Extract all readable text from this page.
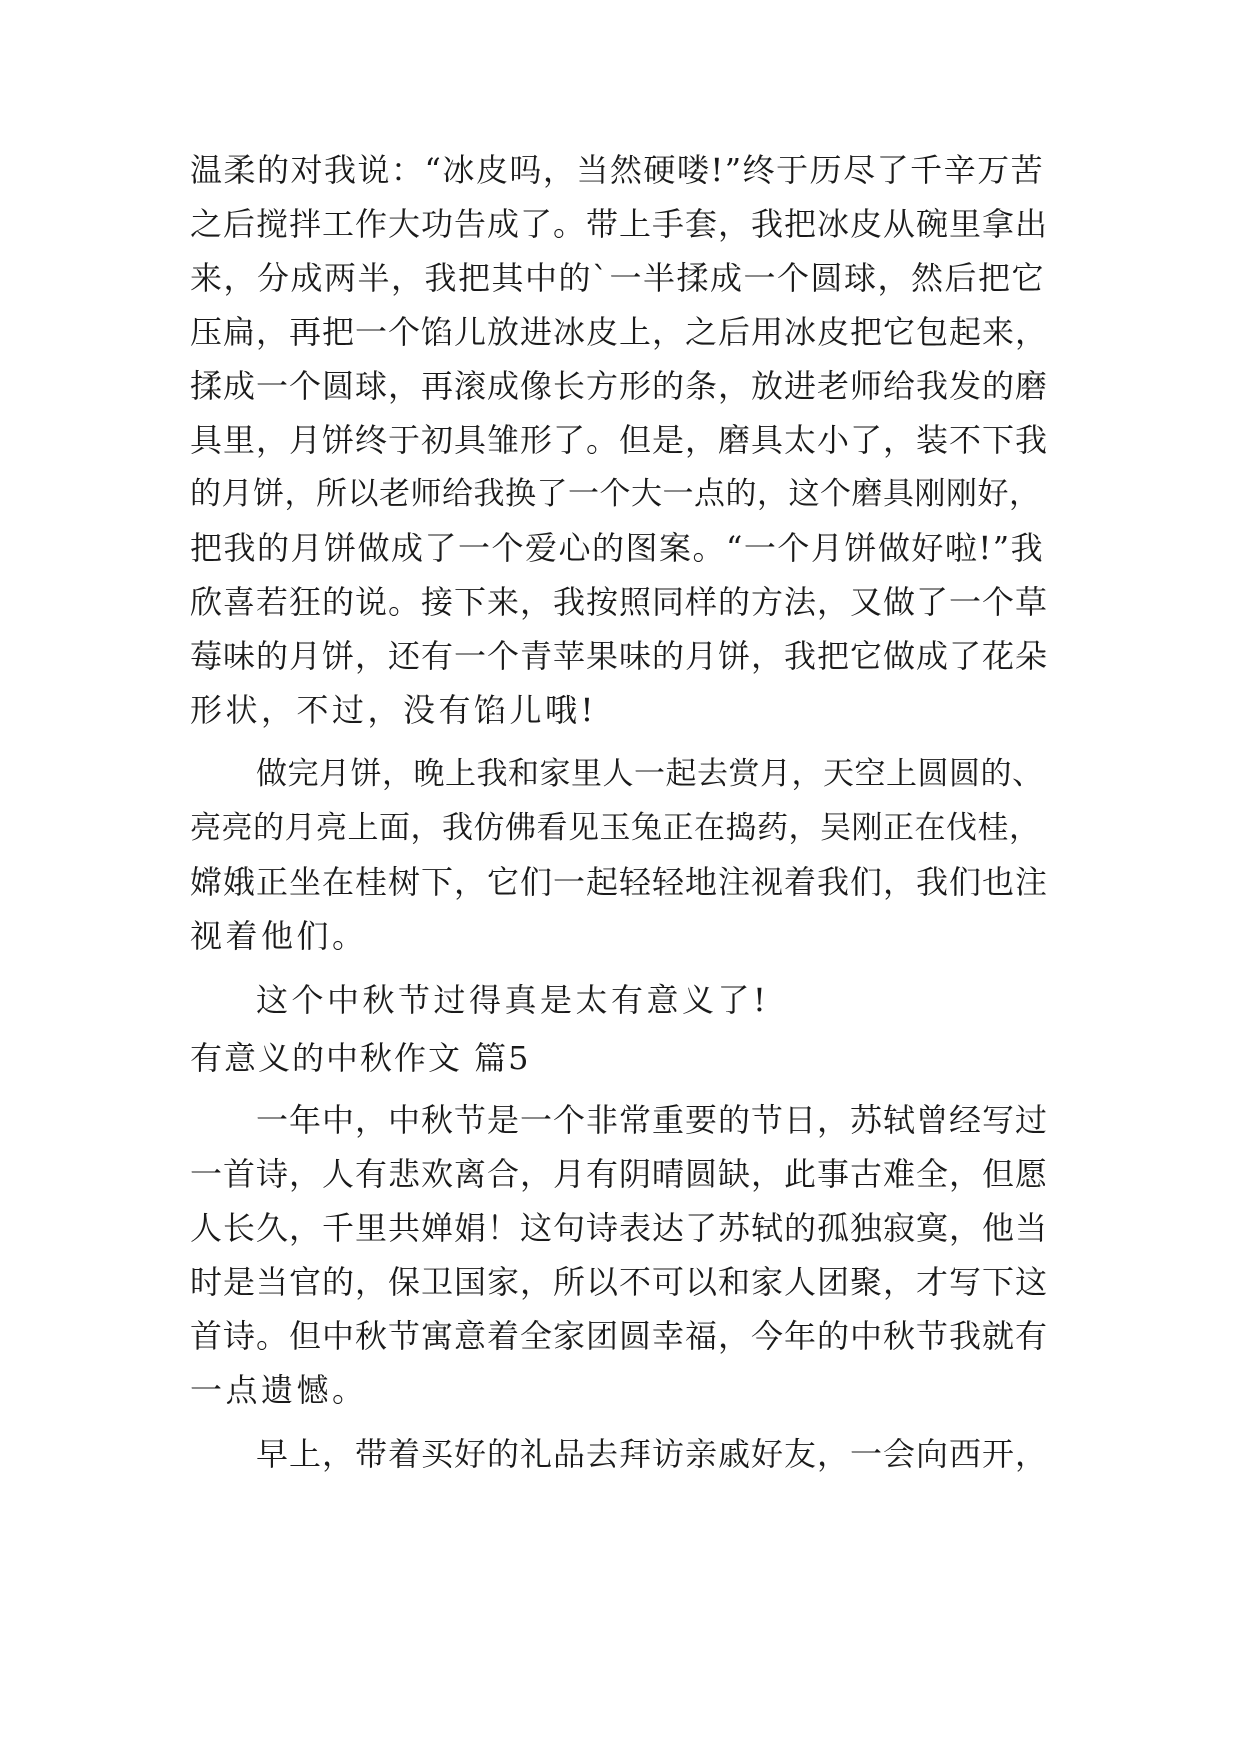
温柔的对我说：“冰皮吗，当然硬喽!”终于历尽了千辛万苦
之后搅拌工作大功告成了。带上手套，我把冰皮从碗里拿出
来，分成两半，我把其中的`一半揉成一个圆球，然后把它
压扁，再把一个馅儿放进冰皮上，之后用冰皮把它包起来，
揉成一个圆球，再滚成像长方形的条，放进老师给我发的磨
具里，月饼终于初具雏形了。但是，磨具太小了，装不下我
的月饼，所以老师给我换了一个大一点的，这个磨具刚刚好，
把我的月饼做成了一个爱心的图案。“一个月饼做好啦!”我
欣喜若狂的说。接下来，我按照同样的方法，又做了一个草
莓味的月饼，还有一个青苹果味的月饼，我把它做成了花朵
形状，不过，没有馅儿哦!
做完月饼，晚上我和家里人一起去赏月，天空上圆圆的、
亮亮的月亮上面，我仿佛看见玉兔正在捣药，吴刚正在伐桂，
嫦娥正坐在桂树下，它们一起轻轻地注视着我们，我们也注
视着他们。
这个中秋节过得真是太有意义了!
有意义的中秋作文 篇5
一年中，中秋节是一个非常重要的节日，苏轼曾经写过
一首诗，人有悲欢离合，月有阴晴圆缺，此事古难全，但愿
人长久，千里共婵娟！这句诗表达了苏轼的孤独寂寞，他当
时是当官的，保卫国家，所以不可以和家人团聚，才写下这
首诗。但中秋节寓意着全家团圆幸福，今年的中秋节我就有
一点遗憾。
早上，带着买好的礼品去拜访亲戚好友，一会向西开，
